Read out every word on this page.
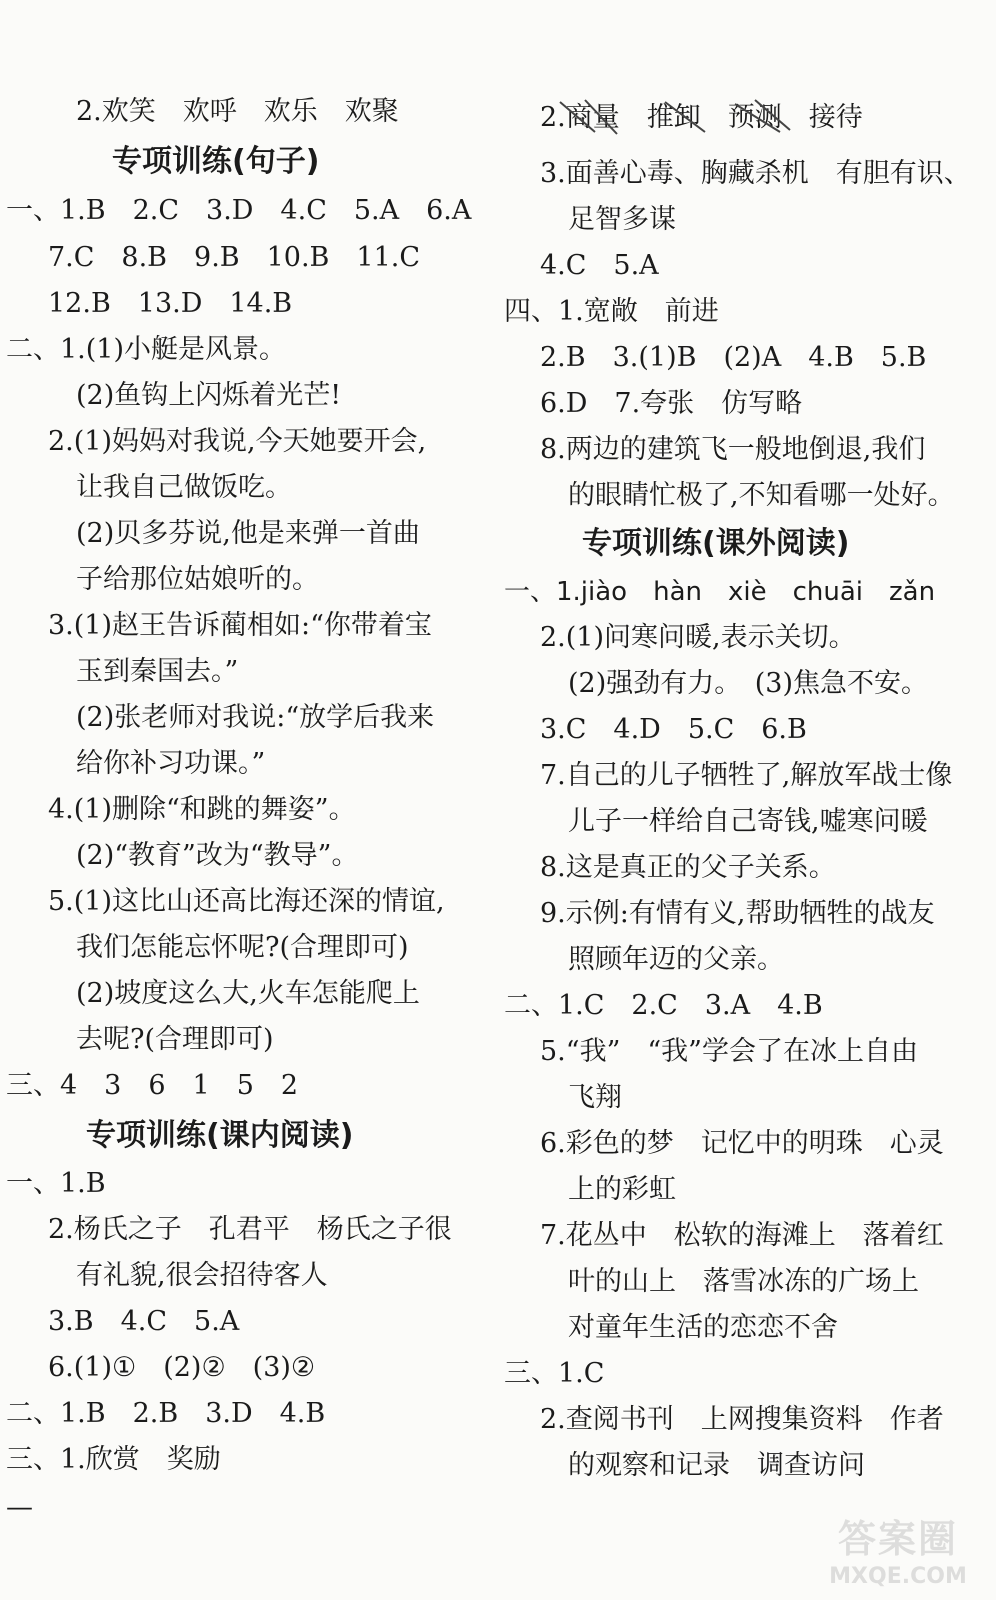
2.欢笑　欢呼　欢乐　欢聚
专项训练(句子)
一、1.B　2.C　3.D　4.C　5.A　6.A
7.C　8.B　9.B　10.B　11.C
12.B　13.D　14.B
二、1.(1)小艇是风景。
(2)鱼钩上闪烁着光芒!
2.(1)妈妈对我说,今天她要开会,
让我自己做饭吃。
(2)贝多芬说,他是来弹一首曲
子给那位姑娘听的。
3.(1)赵王告诉蔺相如:“你带着宝
玉到秦国去。”
(2)张老师对我说:“放学后我来
给你补习功课。”
4.(1)删除“和跳的舞姿”。
(2)“教育”改为“教导”。
5.(1)这比山还高比海还深的情谊,
我们怎能忘怀呢?(合理即可)
(2)坡度这么大,火车怎能爬上
去呢?(合理即可)
三、4　3　6　1　5　2
专项训练(课内阅读)
一、1.B
2.杨氏之子　孔君平　杨氏之子很
有礼貌,很会招待客人
3.B　4.C　5.A
6.(1)①　(2)②　(3)②
二、1.B　2.B　3.D　4.B
三、1.欣赏　奖励
—
2.商量　推卸　预测　接待
3.面善心毒、胸藏杀机　有胆有识、
足智多谋
4.C　5.A
四、1.宽敞　前进
2.B　3.(1)B　(2)A　4.B　5.B
6.D　7.夸张　仿写略
8.两边的建筑飞一般地倒退,我们
的眼睛忙极了,不知看哪一处好。
专项训练(课外阅读)
一、1.jiào　hàn　xiè　chuāi　zǎn
2.(1)问寒问暖,表示关切。
(2)强劲有力。　(3)焦急不安。
3.C　4.D　5.C　6.B
7.自己的儿子牺牲了,解放军战士像
儿子一样给自己寄钱,嘘寒问暖
8.这是真正的父子关系。
9.示例:有情有义,帮助牺牲的战友
照顾年迈的父亲。
二、1.C　2.C　3.A　4.B
5.“我”　“我”学会了在冰上自由
飞翔
6.彩色的梦　记忆中的明珠　心灵
上的彩虹
7.花丛中　松软的海滩上　落着红
叶的山上　落雪冰冻的广场上
对童年生活的恋恋不舍
三、1.C
2.查阅书刊　上网搜集资料　作者
的观察和记录　调查访问
答案圈
MXQE.COM
